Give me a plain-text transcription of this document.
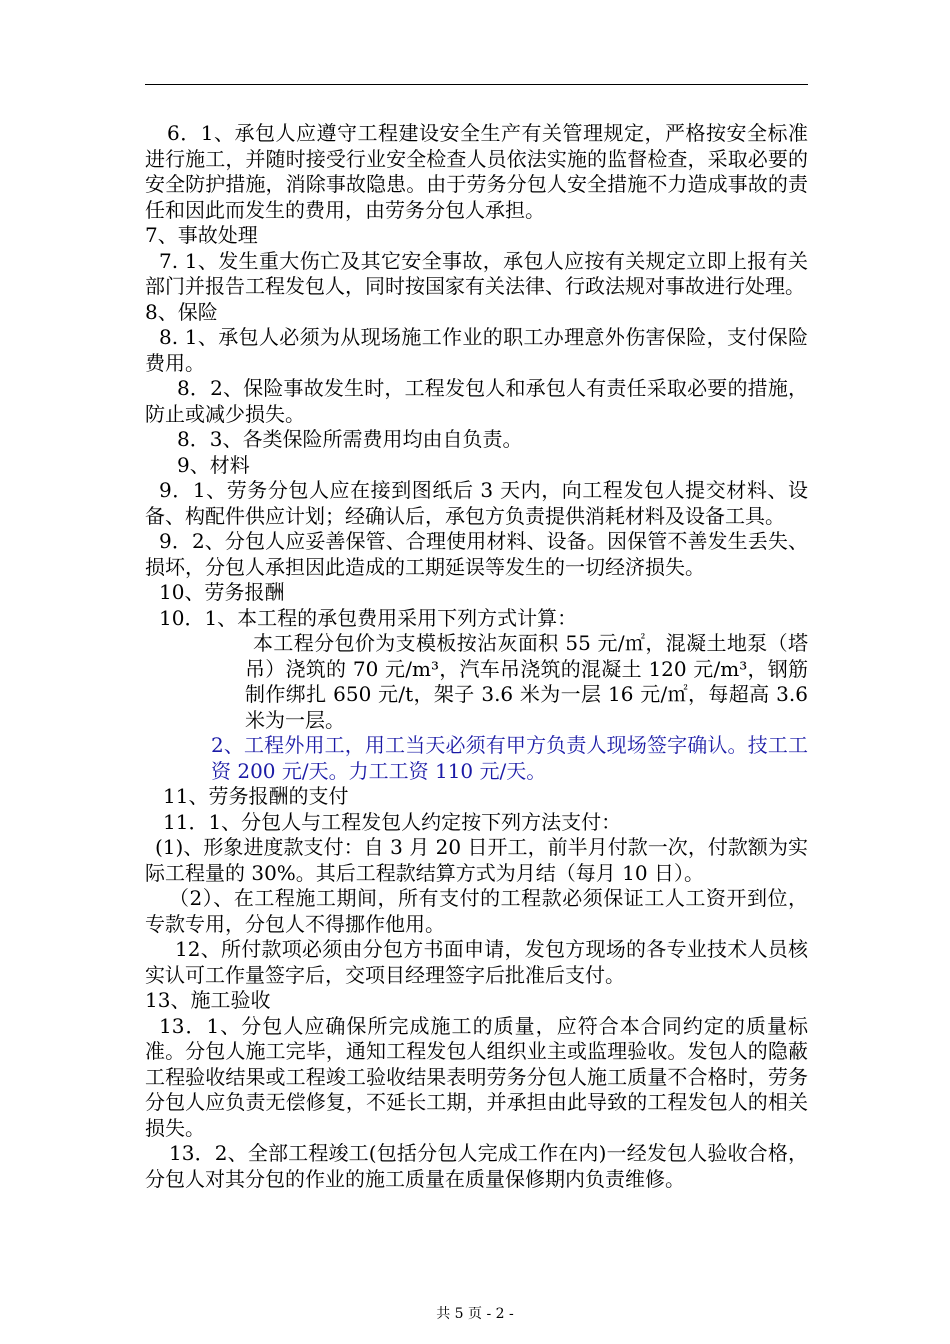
6．1、承包人应遵守工程建设安全生产有关管理规定，严格按安全标准进行施工，并随时接受行业安全检查人员依法实施的监督检查，采取必要的安全防护措施，消除事故隐患。由于劳务分包人安全措施不力造成事故的责任和因此而发生的费用，由劳务分包人承担。

7、事故处理

7. 1、发生重大伤亡及其它安全事故，承包人应按有关规定立即上报有关部门并报告工程发包人，同时按国家有关法律、行政法规对事故进行处理。

8、保险

8. 1、承包人必须为从现场施工作业的职工办理意外伤害保险，支付保险费用。

8．2、保险事故发生时，工程发包人和承包人有责任采取必要的措施，防止或减少损失。

8．3、各类保险所需费用均由自负责。

9、材料

9．1、劳务分包人应在接到图纸后 3 天内，向工程发包人提交材料、设备、构配件供应计划；经确认后，承包方负责提供消耗材料及设备工具。

9．2、分包人应妥善保管、合理使用材料、设备。因保管不善发生丢失、损坏，分包人承担因此造成的工期延误等发生的一切经济损失。

10、劳务报酬

10．1、本工程的承包费用采用下列方式计算：

本工程分包价为支模板按沾灰面积 55 元/㎡，混凝土地泵（塔吊）浇筑的 70 元/m³，汽车吊浇筑的混凝土 120 元/m³，钢筋制作绑扎 650 元/t，架子 3.6 米为一层 16 元/㎡，每超高 3.6 米为一层。

2、工程外用工，用工当天必须有甲方负责人现场签字确认。技工工资 200 元/天。力工工资 110 元/天。

11、劳务报酬的支付

11．1、分包人与工程发包人约定按下列方法支付：

(1)、形象进度款支付：自 3 月 20 日开工，前半月付款一次，付款额为实际工程量的 30%。其后工程款结算方式为月结（每月 10 日）。

（2）、在工程施工期间，所有支付的工程款必须保证工人工资开到位，专款专用，分包人不得挪作他用。

12、所付款项必须由分包方书面申请，发包方现场的各专业技术人员核实认可工作量签字后，交项目经理签字后批准后支付。

13、施工验收

13．1、分包人应确保所完成施工的质量，应符合本合同约定的质量标准。分包人施工完毕，通知工程发包人组织业主或监理验收。发包人的隐蔽工程验收结果或工程竣工验收结果表明劳务分包人施工质量不合格时，劳务分包人应负责无偿修复，不延长工期，并承担由此导致的工程发包人的相关损失。

13．2、全部工程竣工(包括分包人完成工作在内)一经发包人验收合格，分包人对其分包的作业的施工质量在质量保修期内负责维修。

共 5 页 - 2 -
